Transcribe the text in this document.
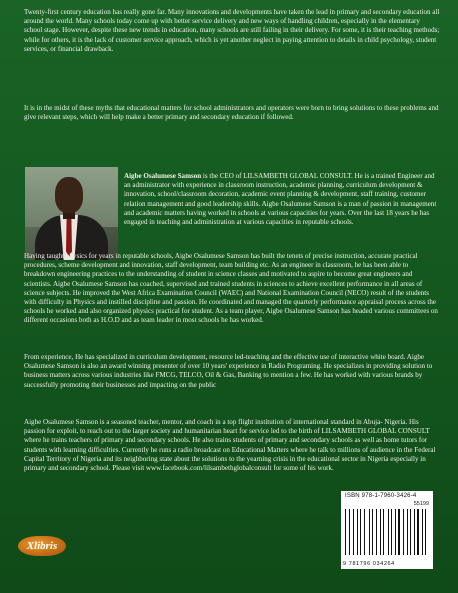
Twenty-first century education has really gone far. Many innovations and developments have taken the lead in primary and secondary education all around the world. Many schools today come up with better service delivery and new ways of handling children, especially in the elementary school stage. However, despite these new trends in education, many schools are still failing in their delivery. For some, it is their teaching methods; while for others, it is the lack of customer service approach, which is yet another neglect in paying attention to details in child psychology, student services, or financial drawback.

It is in the midst of these myths that educational matters for school administrators and operators were born to bring solutions to these problems and give relevant steps, which will help make a better primary and secondary education if followed.

Aigbe Osalumese Samson is the CEO of LILSAMBETH GLOBAL CONSULT. He is a trained Engineer and an administrator with experience in classroom instruction, academic planning, curriculum development & innovation, school/classroom decoration, academic event planning & development, staff training, customer relation management and good leadership skills. Aigbe Osalumese Samson is a man of passion in management and academic matters having worked in schools at various capacities for years. Over the last 18 years he has engaged in teaching and administration at various capacities in reputable schools.

Having taught physics for years in reputable schools, Aigbe Osalumese Samson has built the tenets of precise instruction, accurate practical procedures, scheme development and innovation, staff development, team building etc. As an engineer in classroom, he has been able to breakdown engineering practices to the understanding of student in science classes and motivated to aspire to become great engineers and scientists. Aigbe Osalumese Samson has coached, supervised and trained students in sciences to achieve excellent performance in all areas of science subjects. He improved the West Africa Examination Council (WAEC) and National Examination Council (NECO) result of the students with difficulty in Physics and instilled discipline and passion. He coordinated and managed the quarterly performance appraisal process across the schools he worked and also organized physics practical for student. As a team player, Aigbe Osalumese Samson has headed various committees on different occasions both as H.O.D and as team leader in most schools he has worked.

From experience, He has specialized in curriculum development, resource led-teaching and the effective use of interactive white board. Aigbe Osalumese Samson is also an award winning presenter of over 10 years' experience in Radio Programing. He specializes in providing solution to business matters across various industries like FMCG, TELCO, Oil & Gas, Banking to mention a few. He has worked with various brands by successfully promoting their businesses and impacting on the public

Aigbe Osalumese Samson is a seasoned teacher, mentor, and coach in a top flight institution of international standard in Abuja- Nigeria. His passion for exploit, to reach out to the larger society and humanitarian heart for service led to the birth of LILSAMBETH GLOBAL CONSULT where he trains teachers of primary and secondary schools. He also trains students of primary and secondary schools as well as home tutors for students with learning difficulties. Currently he runs a radio broadcast on Educational Matters where he talk to millions of audience in the Federal Capital Territory of Nigeria and its neighboring state about the solutions to the yearning crisis in the educational sector in Nigeria especially in primary and secondary school. Please visit www.facebook.com/lilsambethglobalconsult for some of his work.

ISBN 978-1-7960-3426-4
55199
9 781796 034264
Xlibris
